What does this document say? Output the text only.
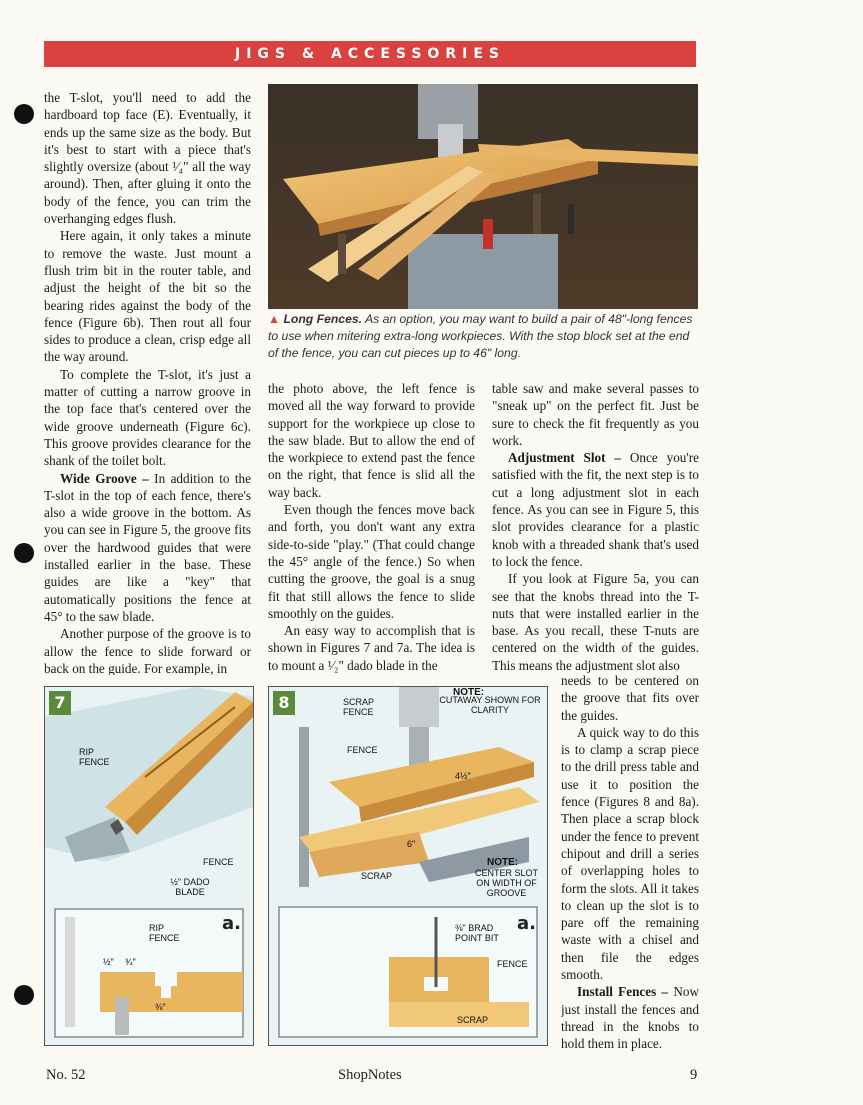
JIGS & ACCESSORIES

the T-slot, you'll need to add the hardboard top face (E). Eventually, it ends up the same size as the body. But it's best to start with a piece that's slightly oversize (about ¹⁄₄" all the way around). Then, after gluing it onto the body of the fence, you can trim the overhanging edges flush.

Here again, it only takes a minute to remove the waste. Just mount a flush trim bit in the router table, and adjust the height of the bit so the bearing rides against the body of the fence (Figure 6b). Then rout all four sides to produce a clean, crisp edge all the way around.

To complete the T-slot, it's just a matter of cutting a narrow groove in the top face that's centered over the wide groove underneath (Figure 6c). This groove provides clearance for the shank of the toilet bolt.

Wide Groove – In addition to the T-slot in the top of each fence, there's also a wide groove in the bottom. As you can see in Figure 5, the groove fits over the hardwood guides that were installed earlier in the base. These guides are like a "key" that automatically positions the fence at 45° to the saw blade.

Another purpose of the groove is to allow the fence to slide forward or back on the guide. For example, in

▲ Long Fences. As an option, you may want to build a pair of 48"-long fences to use when mitering extra-long workpieces. With the stop block set at the end of the fence, you can cut pieces up to 46" long.

the photo above, the left fence is moved all the way forward to provide support for the workpiece up close to the saw blade. But to allow the end of the workpiece to extend past the fence on the right, that fence is slid all the way back.

Even though the fences move back and forth, you don't want any extra side-to-side "play." (That could change the 45° angle of the fence.) So when cutting the groove, the goal is a snug fit that still allows the fence to slide smoothly on the guides.

An easy way to accomplish that is shown in Figures 7 and 7a. The idea is to mount a ¹⁄₂" dado blade in the

table saw and make several passes to "sneak up" on the perfect fit. Just be sure to check the fit frequently as you work.

Adjustment Slot – Once you're satisfied with the fit, the next step is to cut a long adjustment slot in each fence. As you can see in Figure 5, this slot provides clearance for a plastic knob with a threaded shank that's used to lock the fence.

If you look at Figure 5a, you can see that the knobs thread into the T-nuts that were installed earlier in the base. As you recall, these T-nuts are centered on the width of the guides. This means the adjustment slot also

needs to be centered on the groove that fits over the guides.

A quick way to do this is to clamp a scrap piece to the drill press table and use it to position the fence (Figures 8 and 8a). Then place a scrap block under the fence to prevent chipout and drill a series of overlapping holes to form the slots. All it takes to clean up the slot is to pare off the remaining waste with a chisel and then file the edges smooth.

Install Fences – Now just install the fences and thread in the knobs to hold them in place.

7
RIP FENCE
FENCE
½" DADO BLADE
a.
RIP FENCE
½" ¾"
⅜"
8
NOTE:
CUTAWAY SHOWN FOR CLARITY
SCRAP FENCE
FENCE
4½"
6"
SCRAP
NOTE:
CENTER SLOT ON WIDTH OF GROOVE
a.
⅜" BRAD POINT BIT
FENCE
SCRAP
No. 52	ShopNotes	9
